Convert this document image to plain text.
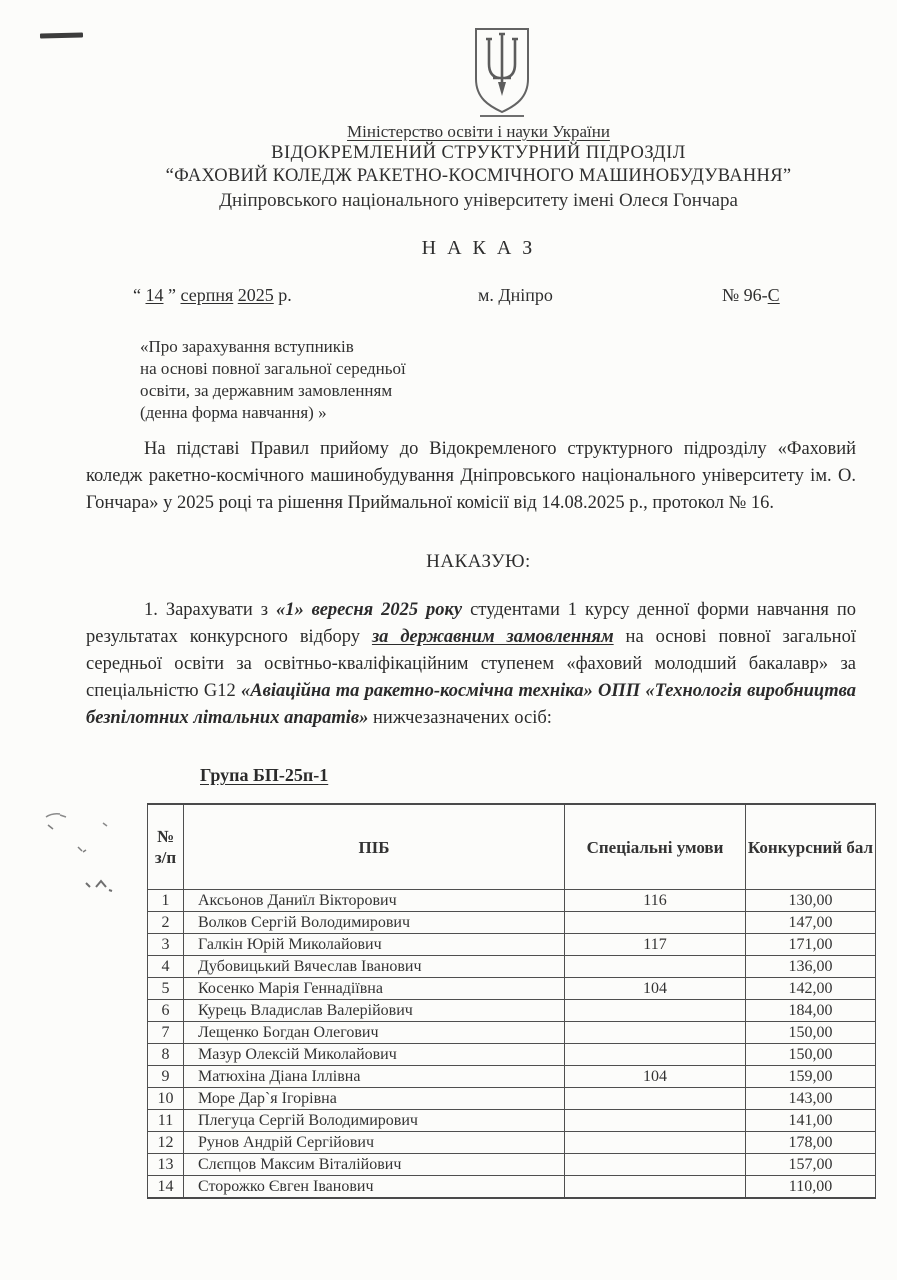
Міністерство освіти і науки України
ВІДОКРЕМЛЕНИЙ СТРУКТУРНИЙ ПІДРОЗДІЛ
“ФАХОВИЙ КОЛЕДЖ РАКЕТНО-КОСМІЧНОГО МАШИНОБУДУВАННЯ”
Дніпровського національного університету імені Олеся Гончара
Н А К А З
“ 14 ” серпня 2025 р.	м. Дніпро	№ 96-С
«Про зарахування вступників
на основі повної загальної середньої
освіти, за державним замовленням
(денна форма навчання) »
На підставі Правил прийому до Відокремленого структурного підрозділу «Фаховий коледж ракетно-космічного машинобудування Дніпровського національного університету ім. О. Гончара» у 2025 році та рішення Приймальної комісії від 14.08.2025 р., протокол № 16.
НАКАЗУЮ:
1. Зарахувати з «1» вересня 2025 року студентами 1 курсу денної форми навчання по результатах конкурсного відбору за державним замовленням на основі повної загальної середньої освіти за освітньо-кваліфікаційним ступенем «фаховий молодший бакалавр» за спеціальністю G12 «Авіаційна та ракетно-космічна техніка» ОПП «Технологія виробництва безпілотних літальних апаратів» нижчезазначених осіб:
Група БП-25п-1
№
з/п	ПІБ	Спеціальні умови	Конкурсний бал
1	Аксьонов Даниїл Вікторович	116	130,00
2	Волков Сергій Володимирович		147,00
3	Галкін Юрій Миколайович	117	171,00
4	Дубовицький Вячеслав Іванович		136,00
5	Косенко Марія Геннадіївна	104	142,00
6	Курець Владислав Валерійович		184,00
7	Лещенко Богдан Олегович		150,00
8	Мазур Олексій Миколайович		150,00
9	Матюхіна Діана Іллівна	104	159,00
10	Море Дар`я Ігорівна		143,00
11	Плегуца Сергій Володимирович		141,00
12	Рунов Андрій Сергійович		178,00
13	Слєпцов Максим Віталійович		157,00
14	Сторожко Євген Іванович		110,00
